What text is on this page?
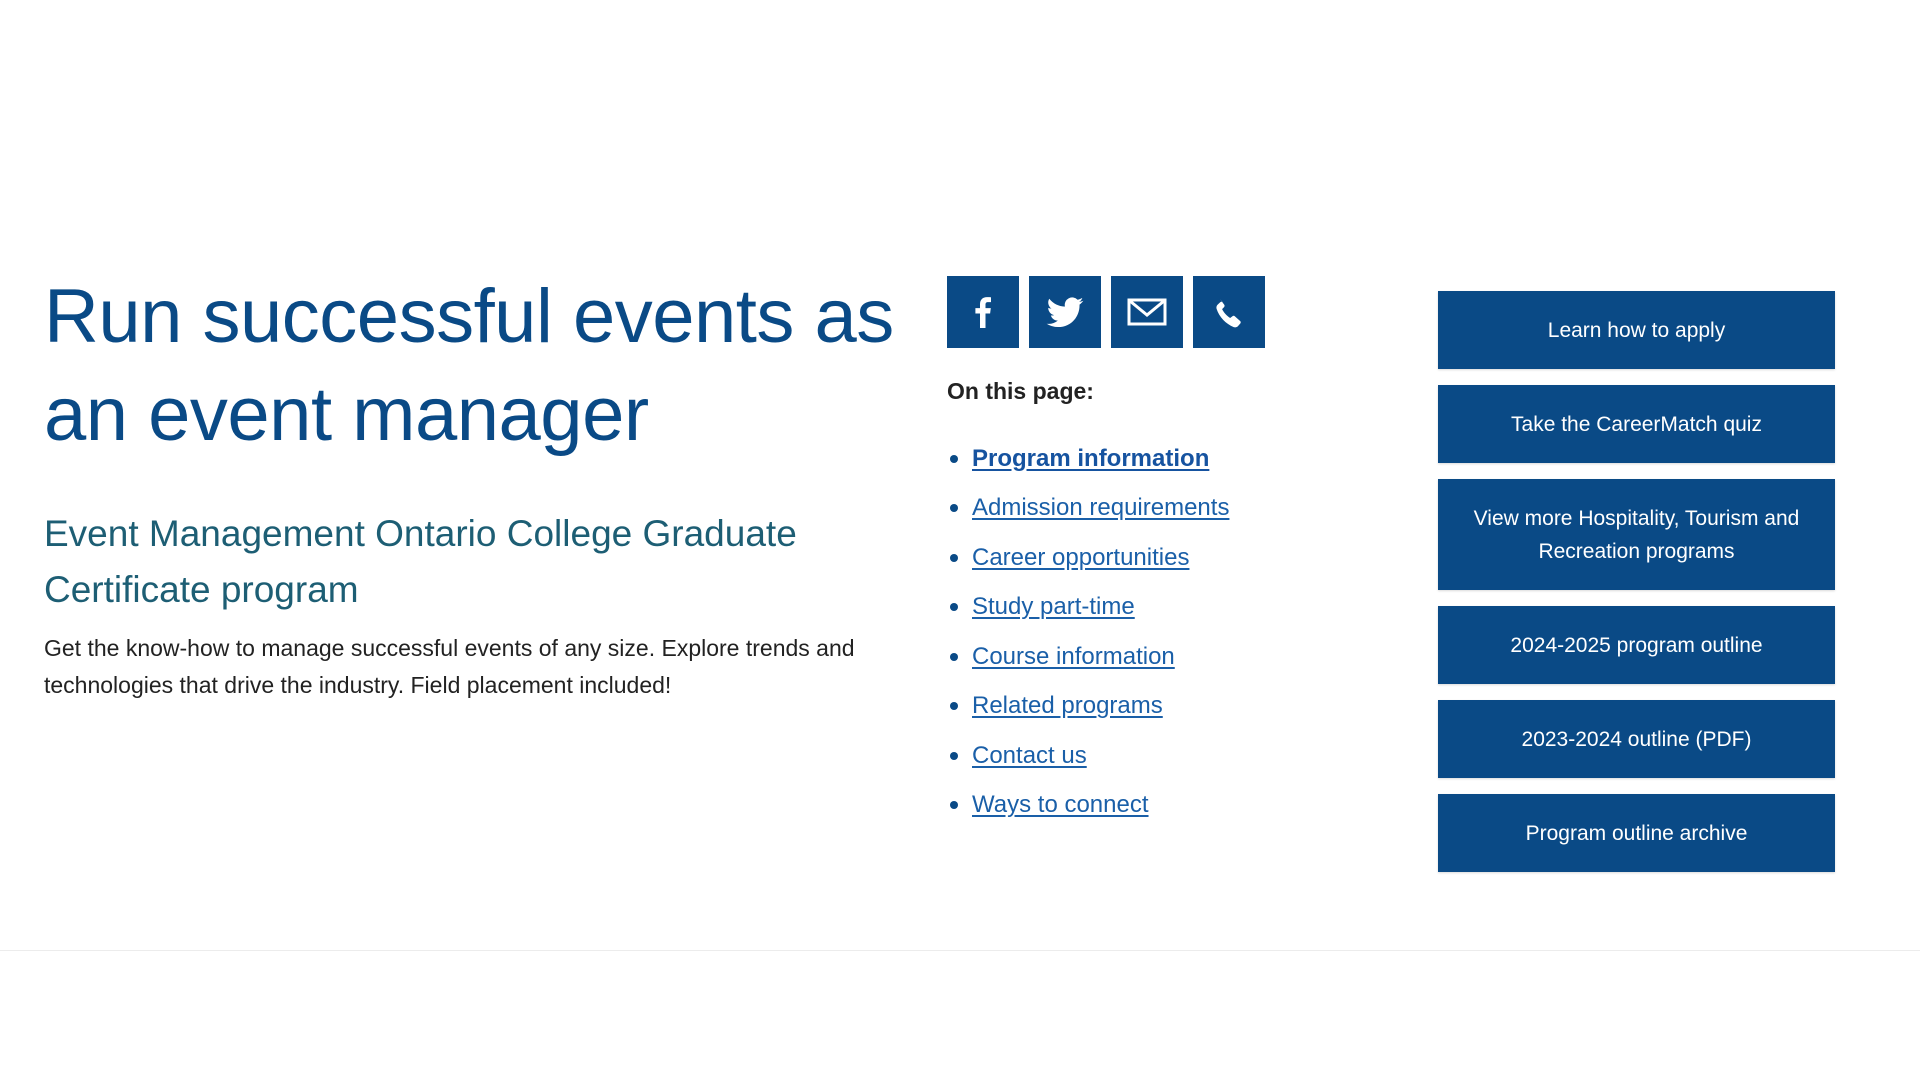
Run successful events as an event manager
Event Management Ontario College Graduate Certificate program

Get the know-how to manage successful events of any size. Explore trends and technologies that drive the industry. Field placement included!

On this page:
Program information
Admission requirements
Career opportunities
Study part-time
Course information
Related programs
Contact us
Ways to connect
Learn how to apply
Take the CareerMatch quiz
View more Hospitality, Tourism and Recreation programs
2024-2025 program outline
2023-2024 outline (PDF)
Program outline archive
